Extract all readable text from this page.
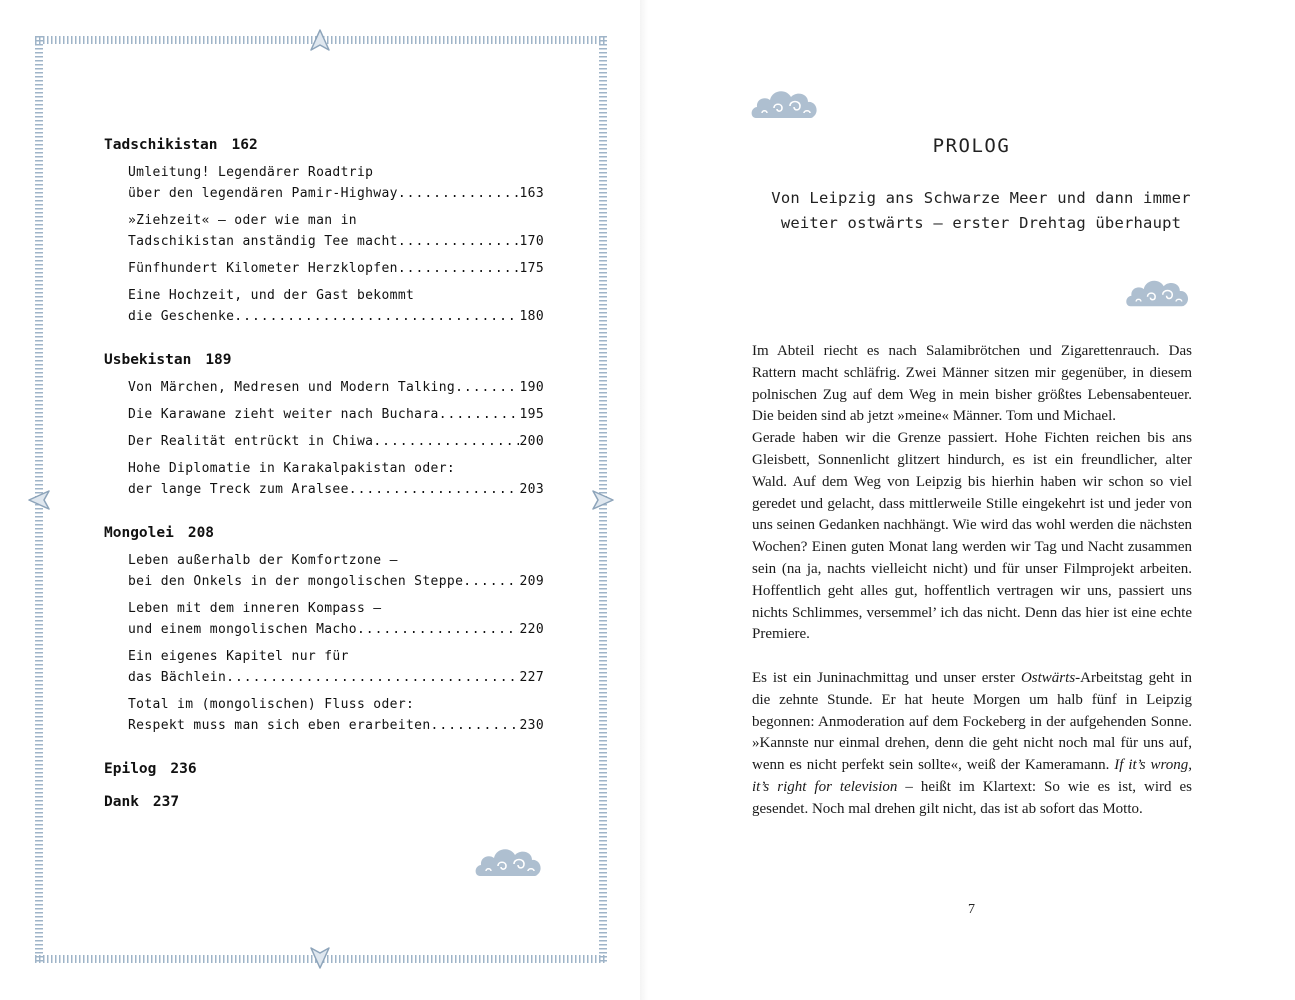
Tadschikistan 162
Umleitung! Legendärer Roadtrip
über den legendären Pamir-Highway .....	163
»Ziehzeit« – oder wie man in
Tadschikistan anständig Tee macht .....	170
Fünfhundert Kilometer Herzklopfen .....	175
Eine Hochzeit, und der Gast bekommt
die Geschenke .....	180
Usbekistan 189
Von Märchen, Medresen und Modern Talking .....	190
Die Karawane zieht weiter nach Buchara .....	195
Der Realität entrückt in Chiwa .....	200
Hohe Diplomatie in Karakalpakistan oder:
der lange Treck zum Aralsee .....	203
Mongolei 208
Leben außerhalb der Komfortzone –
bei den Onkels in der mongolischen Steppe .....	209
Leben mit dem inneren Kompass –
und einem mongolischen Macho .....	220
Ein eigenes Kapitel nur für
das Bächlein .....	227
Total im (mongolischen) Fluss oder:
Respekt muss man sich eben erarbeiten .....	230
Epilog 236
Dank 237
PROLOG
Von Leipzig ans Schwarze Meer und dann immer weiter ostwärts – erster Drehtag überhaupt

Im Abteil riecht es nach Salamibrötchen und Zigarettenrauch. Das Rattern macht schläfrig. Zwei Männer sitzen mir gegenüber, in diesem polnischen Zug auf dem Weg in mein bisher größtes Lebensabenteuer. Die beiden sind ab jetzt »meine« Männer. Tom und Michael.

Gerade haben wir die Grenze passiert. Hohe Fichten reichen bis ans Gleisbett, Sonnenlicht glitzert hindurch, es ist ein freundlicher, alter Wald. Auf dem Weg von Leipzig bis hierhin haben wir schon so viel geredet und gelacht, dass mittlerweile Stille eingekehrt ist und jeder von uns seinen Gedanken nachhängt. Wie wird das wohl werden die nächsten Wochen? Einen guten Monat lang werden wir Tag und Nacht zusammen sein (na ja, nachts vielleicht nicht) und für unser Filmprojekt arbeiten. Hoffentlich geht alles gut, hoffentlich vertragen wir uns, passiert uns nichts Schlimmes, versemmel’ ich das nicht. Denn das hier ist eine echte Premiere.

Es ist ein Juninachmittag und unser erster Ostwärts-Arbeitstag geht in die zehnte Stunde. Er hat heute Morgen um halb fünf in Leipzig begonnen: Anmoderation auf dem Fockeberg in der aufgehenden Sonne. »Kannste nur einmal drehen, denn die geht nicht noch mal für uns auf, wenn es nicht perfekt sein sollte«, weiß der Kameramann. If it’s wrong, it’s right for television – heißt im Klartext: So wie es ist, wird es gesendet. Noch mal drehen gilt nicht, das ist ab sofort das Motto.

7
